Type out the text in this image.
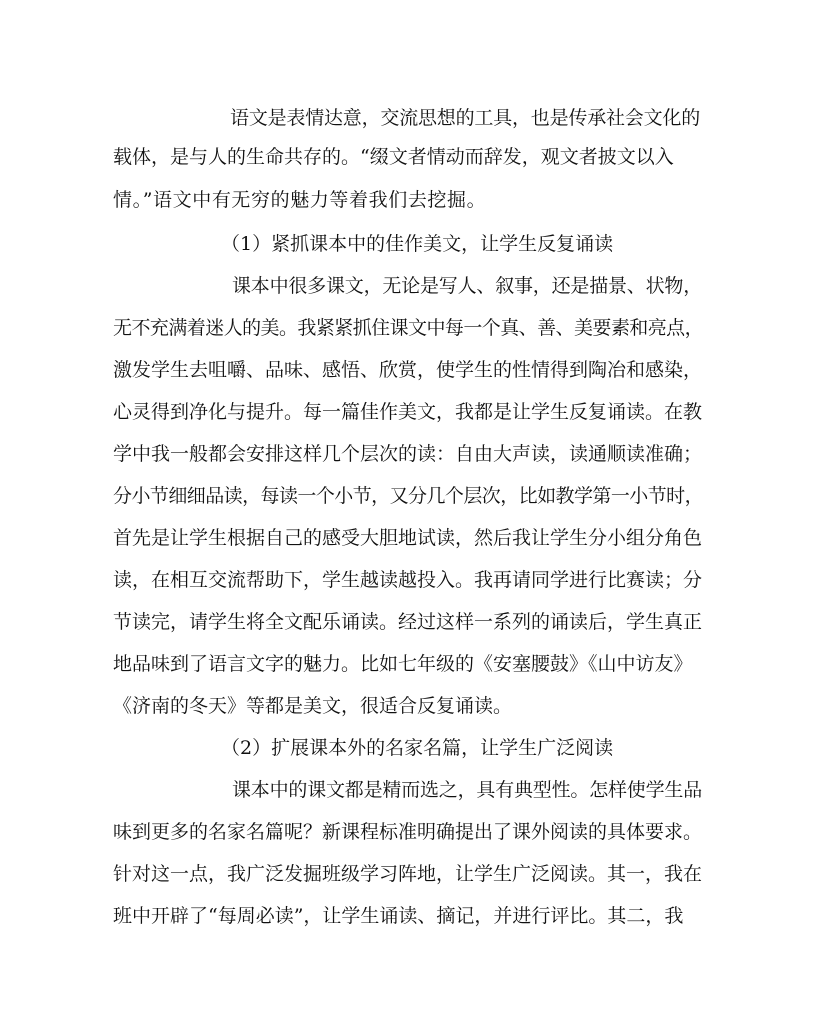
语文是表情达意，交流思想的工具，也是传承社会文化的
载体，是与人的生命共存的。“缀文者情动而辞发，观文者披文以入
情。”语文中有无穷的魅力等着我们去挖掘。
（1）紧抓课本中的佳作美文，让学生反复诵读
课本中很多课文，无论是写人、叙事，还是描景、状物，
无不充满着迷人的美。我紧紧抓住课文中每一个真、善、美要素和亮点，
激发学生去咀嚼、品味、感悟、欣赏，使学生的性情得到陶冶和感染，
心灵得到净化与提升。每一篇佳作美文，我都是让学生反复诵读。在教
学中我一般都会安排这样几个层次的读：自由大声读，读通顺读准确；
分小节细细品读，每读一个小节，又分几个层次，比如教学第一小节时，
首先是让学生根据自己的感受大胆地试读，然后我让学生分小组分角色
读，在相互交流帮助下，学生越读越投入。我再请同学进行比赛读；分
节读完，请学生将全文配乐诵读。经过这样一系列的诵读后，学生真正
地品味到了语言文字的魅力。比如七年级的《安塞腰鼓》《山中访友》
《济南的冬天》等都是美文，很适合反复诵读。
（2）扩展课本外的名家名篇，让学生广泛阅读
课本中的课文都是精而选之，具有典型性。怎样使学生品
味到更多的名家名篇呢？新课程标准明确提出了课外阅读的具体要求。
针对这一点，我广泛发掘班级学习阵地，让学生广泛阅读。其一，我在
班中开辟了“每周必读”，让学生诵读、摘记，并进行评比。其二，我
